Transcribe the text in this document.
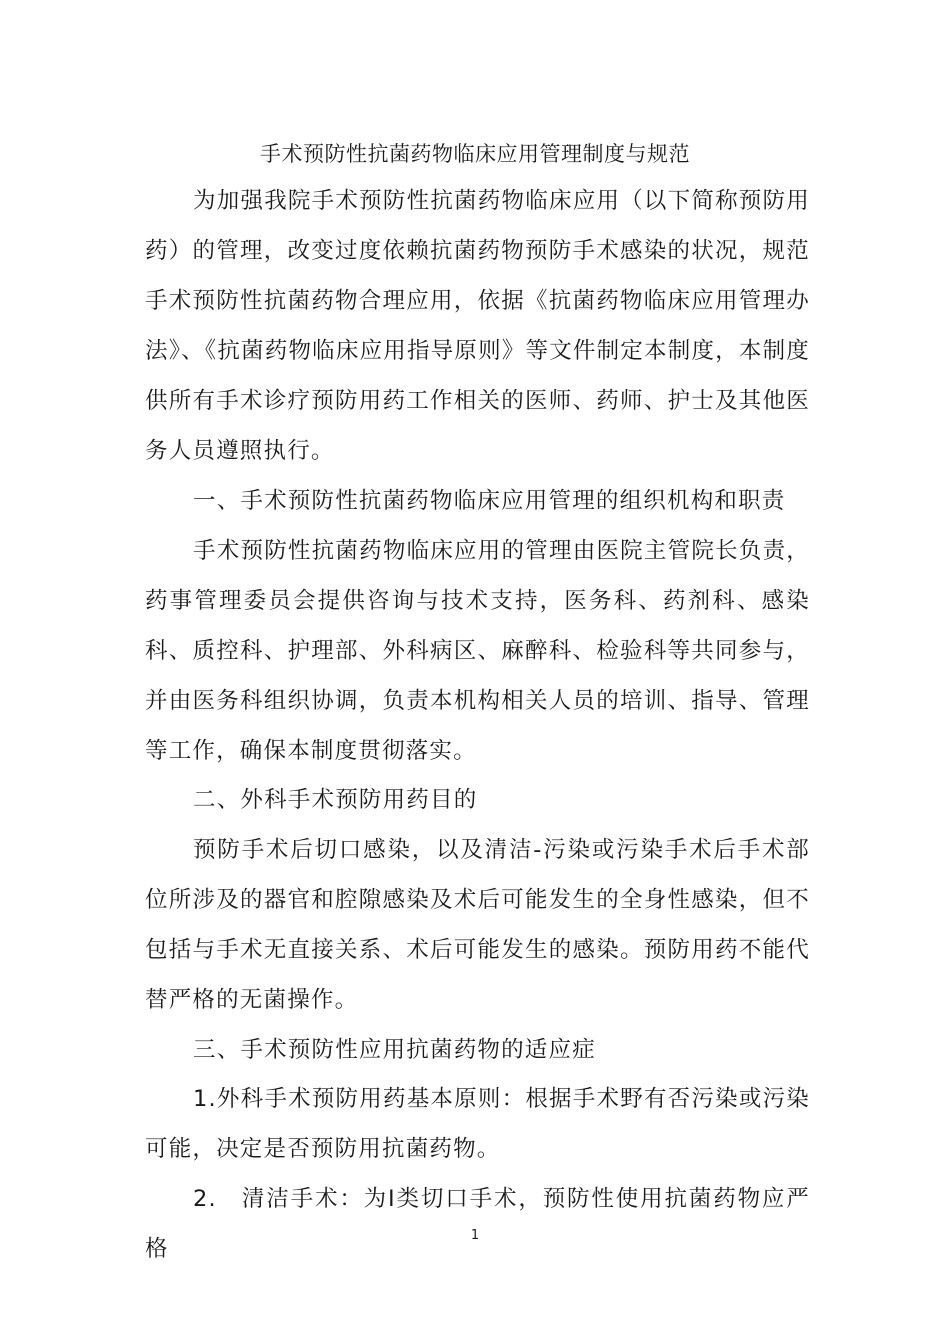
手术预防性抗菌药物临床应用管理制度与规范
为加强我院手术预防性抗菌药物临床应用（以下简称预防用药）的管理，改变过度依赖抗菌药物预防手术感染的状况，规范手术预防性抗菌药物合理应用，依据《抗菌药物临床应用管理办法》、《抗菌药物临床应用指导原则》等文件制定本制度，本制度供所有手术诊疗预防用药工作相关的医师、药师、护士及其他医务人员遵照执行。
一、手术预防性抗菌药物临床应用管理的组织机构和职责
手术预防性抗菌药物临床应用的管理由医院主管院长负责，药事管理委员会提供咨询与技术支持，医务科、药剂科、感染科、质控科、护理部、外科病区、麻醉科、检验科等共同参与，并由医务科组织协调，负责本机构相关人员的培训、指导、管理等工作，确保本制度贯彻落实。
二、外科手术预防用药目的
预防手术后切口感染，以及清洁-污染或污染手术后手术部位所涉及的器官和腔隙感染及术后可能发生的全身性感染，但不包括与手术无直接关系、术后可能发生的感染。预防用药不能代替严格的无菌操作。
三、手术预防性应用抗菌药物的适应症
1.外科手术预防用药基本原则：根据手术野有否污染或污染可能，决定是否预防用抗菌药物。
2.　清洁手术：为Ⅰ类切口手术，预防性使用抗菌药物应严格
1
